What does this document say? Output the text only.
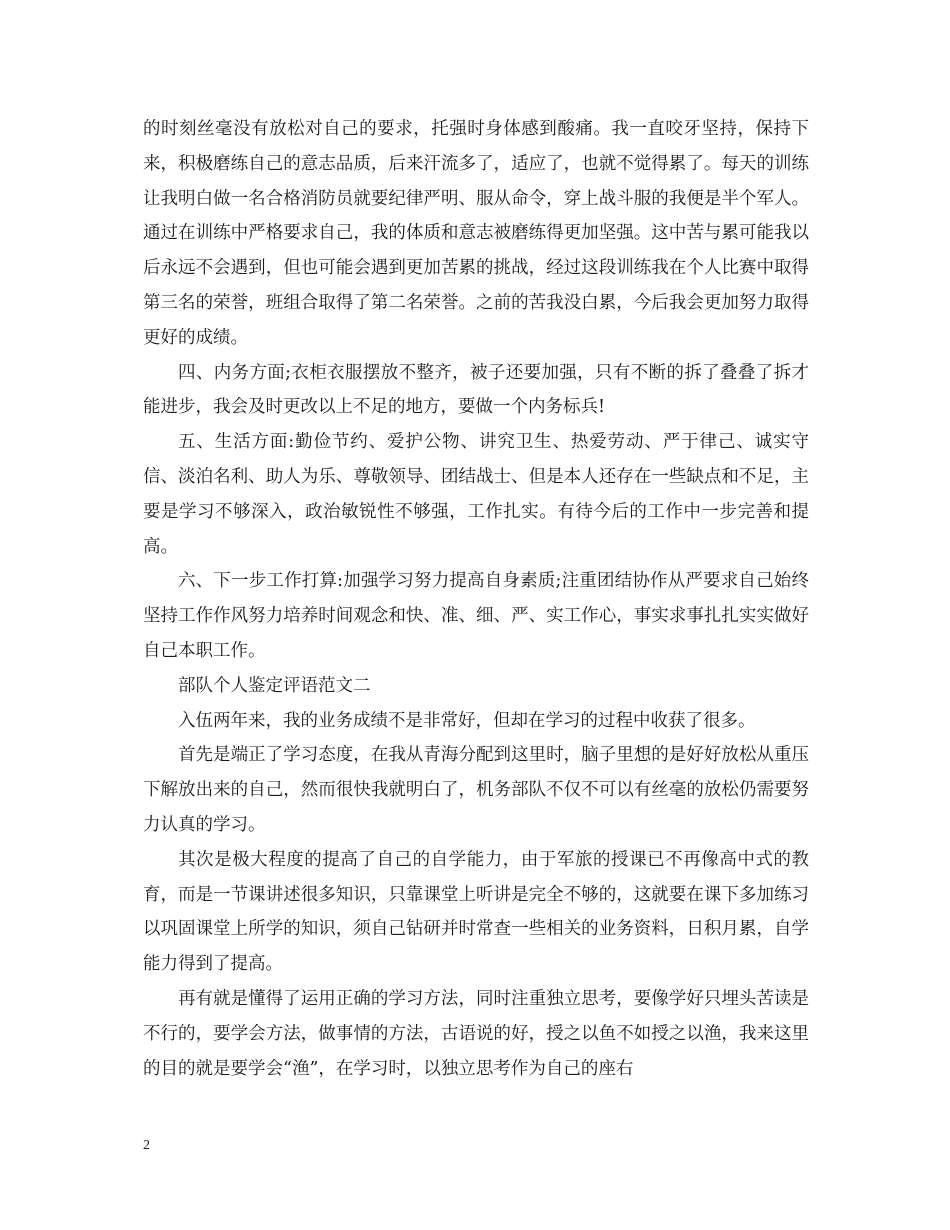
的时刻丝毫没有放松对自己的要求，托强时身体感到酸痛。我一直咬牙坚持，保持下来，积极磨练自己的意志品质，后来汗流多了，适应了，也就不觉得累了。每天的训练让我明白做一名合格消防员就要纪律严明、服从命令，穿上战斗服的我便是半个军人。通过在训练中严格要求自己，我的体质和意志被磨练得更加坚强。这中苦与累可能我以后永远不会遇到，但也可能会遇到更加苦累的挑战，经过这段训练我在个人比赛中取得第三名的荣誉，班组合取得了第二名荣誉。之前的苦我没白累，今后我会更加努力取得更好的成绩。

四、内务方面;衣柜衣服摆放不整齐，被子还要加强，只有不断的拆了叠叠了拆才能进步，我会及时更改以上不足的地方，要做一个内务标兵!

五、生活方面:勤俭节约、爱护公物、讲究卫生、热爱劳动、严于律己、诚实守信、淡泊名利、助人为乐、尊敬领导、团结战士、但是本人还存在一些缺点和不足，主要是学习不够深入，政治敏锐性不够强，工作扎实。有待今后的工作中一步完善和提高。

六、下一步工作打算:加强学习努力提高自身素质;注重团结协作从严要求自己始终坚持工作作风努力培养时间观念和快、准、细、严、实工作心，事实求事扎扎实实做好自己本职工作。

部队个人鉴定评语范文二

入伍两年来，我的业务成绩不是非常好，但却在学习的过程中收获了很多。

首先是端正了学习态度，在我从青海分配到这里时，脑子里想的是好好放松从重压下解放出来的自己，然而很快我就明白了，机务部队不仅不可以有丝毫的放松仍需要努力认真的学习。

其次是极大程度的提高了自己的自学能力，由于军旅的授课已不再像高中式的教育，而是一节课讲述很多知识，只靠课堂上听讲是完全不够的，这就要在课下多加练习以巩固课堂上所学的知识，须自己钻研并时常查一些相关的业务资料，日积月累，自学能力得到了提高。

再有就是懂得了运用正确的学习方法，同时注重独立思考，要像学好只埋头苦读是不行的，要学会方法，做事情的方法，古语说的好，授之以鱼不如授之以渔，我来这里的目的就是要学会“渔”，在学习时，以独立思考作为自己的座右

2
